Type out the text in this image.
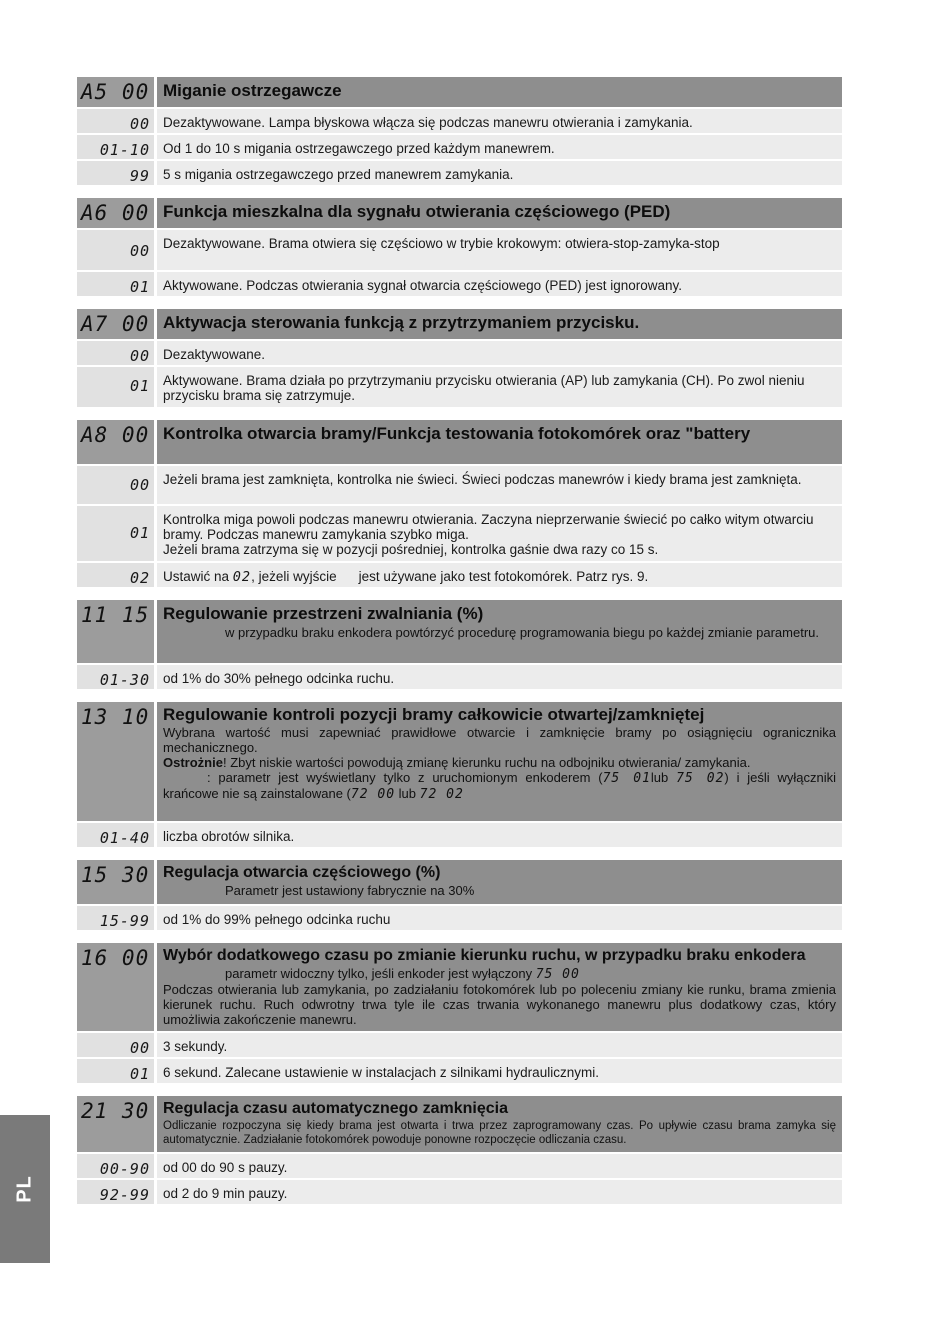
A5 00 Miganie ostrzegawcze
00 Dezaktywowane. Lampa błyskowa włącza się podczas manewru otwierania i zamykania.
01-10 Od 1 do 10 s migania ostrzegawczego przed każdym manewrem.
99 5 s migania ostrzegawczego przed manewrem zamykania.
A6 00 Funkcja mieszkalna dla sygnału otwierania częściowego (PED)
00 Dezaktywowane. Brama otwiera się częściowo w trybie krokowym: otwiera-stop-zamyka-stop
01 Aktywowane. Podczas otwierania sygnał otwarcia częściowego (PED) jest ignorowany.
A7 00 Aktywacja sterowania funkcją z przytrzymaniem przycisku.
00 Dezaktywowane.
01 Aktywowane. Brama działa po przytrzymaniu przycisku otwierania (AP) lub zamykania (CH). Po zwol nieniu przycisku brama się zatrzymuje.
A8 00 Kontrolka otwarcia bramy/Funkcja testowania fotokomórek oraz "battery
00 Jeżeli brama jest zamknięta, kontrolka nie świeci. Świeci podczas manewrów i kiedy brama jest zamknięta.
01
Kontrolka miga powoli podczas manewru otwierania. Zaczyna nieprzerwanie świecić po całko witym otwarciu bramy. Podczas manewru zamykania szybko miga.
Jeżeli brama zatrzyma się w pozycji pośredniej, kontrolka gaśnie dwa razy co 15 s.
02 Ustawić na 02, jeżeli wyjście jest używane jako test fotokomórek. Patrz rys. 9.
11 15 Regulowanie przestrzeni zwalniania (%)
w przypadku braku enkodera powtórzyć procedurę programowania biegu po każdej zmianie parametru.
01-30 od 1% do 30% pełnego odcinka ruchu.
13 10 Regulowanie kontroli pozycji bramy całkowicie otwartej/zamkniętej
Wybrana wartość musi zapewniać prawidłowe otwarcie i zamknięcie bramy po osiągnięciu ogranicznika mechanicznego.
Ostrożnie! Zbyt niskie wartości powodują zmianę kierunku ruchu na odbojniku otwierania/ zamykania.
: parametr jest wyświetlany tylko z uruchomionym enkoderem (75 01lub 75 02) i jeśli wyłączniki krańcowe nie są zainstalowane (72 00 lub 72 02
01-40 liczba obrotów silnika.
15 30 Regulacja otwarcia częściowego (%)
Parametr jest ustawiony fabrycznie na 30%
15-99 od 1% do 99% pełnego odcinka ruchu
16 00 Wybór dodatkowego czasu po zmianie kierunku ruchu, w przypadku braku enkodera
parametr widoczny tylko, jeśli enkoder jest wyłączony 75 00
Podczas otwierania lub zamykania, po zadziałaniu fotokomórek lub po poleceniu zmiany kie runku, brama zmienia kierunek ruchu. Ruch odwrotny trwa tyle ile czas trwania wykonanego manewru plus dodatkowy czas, który umożliwia zakończenie manewru.
00 3 sekundy.
01 6 sekund. Zalecane ustawienie w instalacjach z silnikami hydraulicznymi.
21 30 Regulacja czasu automatycznego zamknięcia
Odliczanie rozpoczyna się kiedy brama jest otwarta i trwa przez zaprogramowany czas. Po upływie czasu brama zamyka się automatycznie. Zadziałanie fotokomórek powoduje ponowne rozpoczęcie odliczania czasu.
00-90 od 00 do 90 s pauzy.
92-99 od 2 do 9 min pauzy.
PL
